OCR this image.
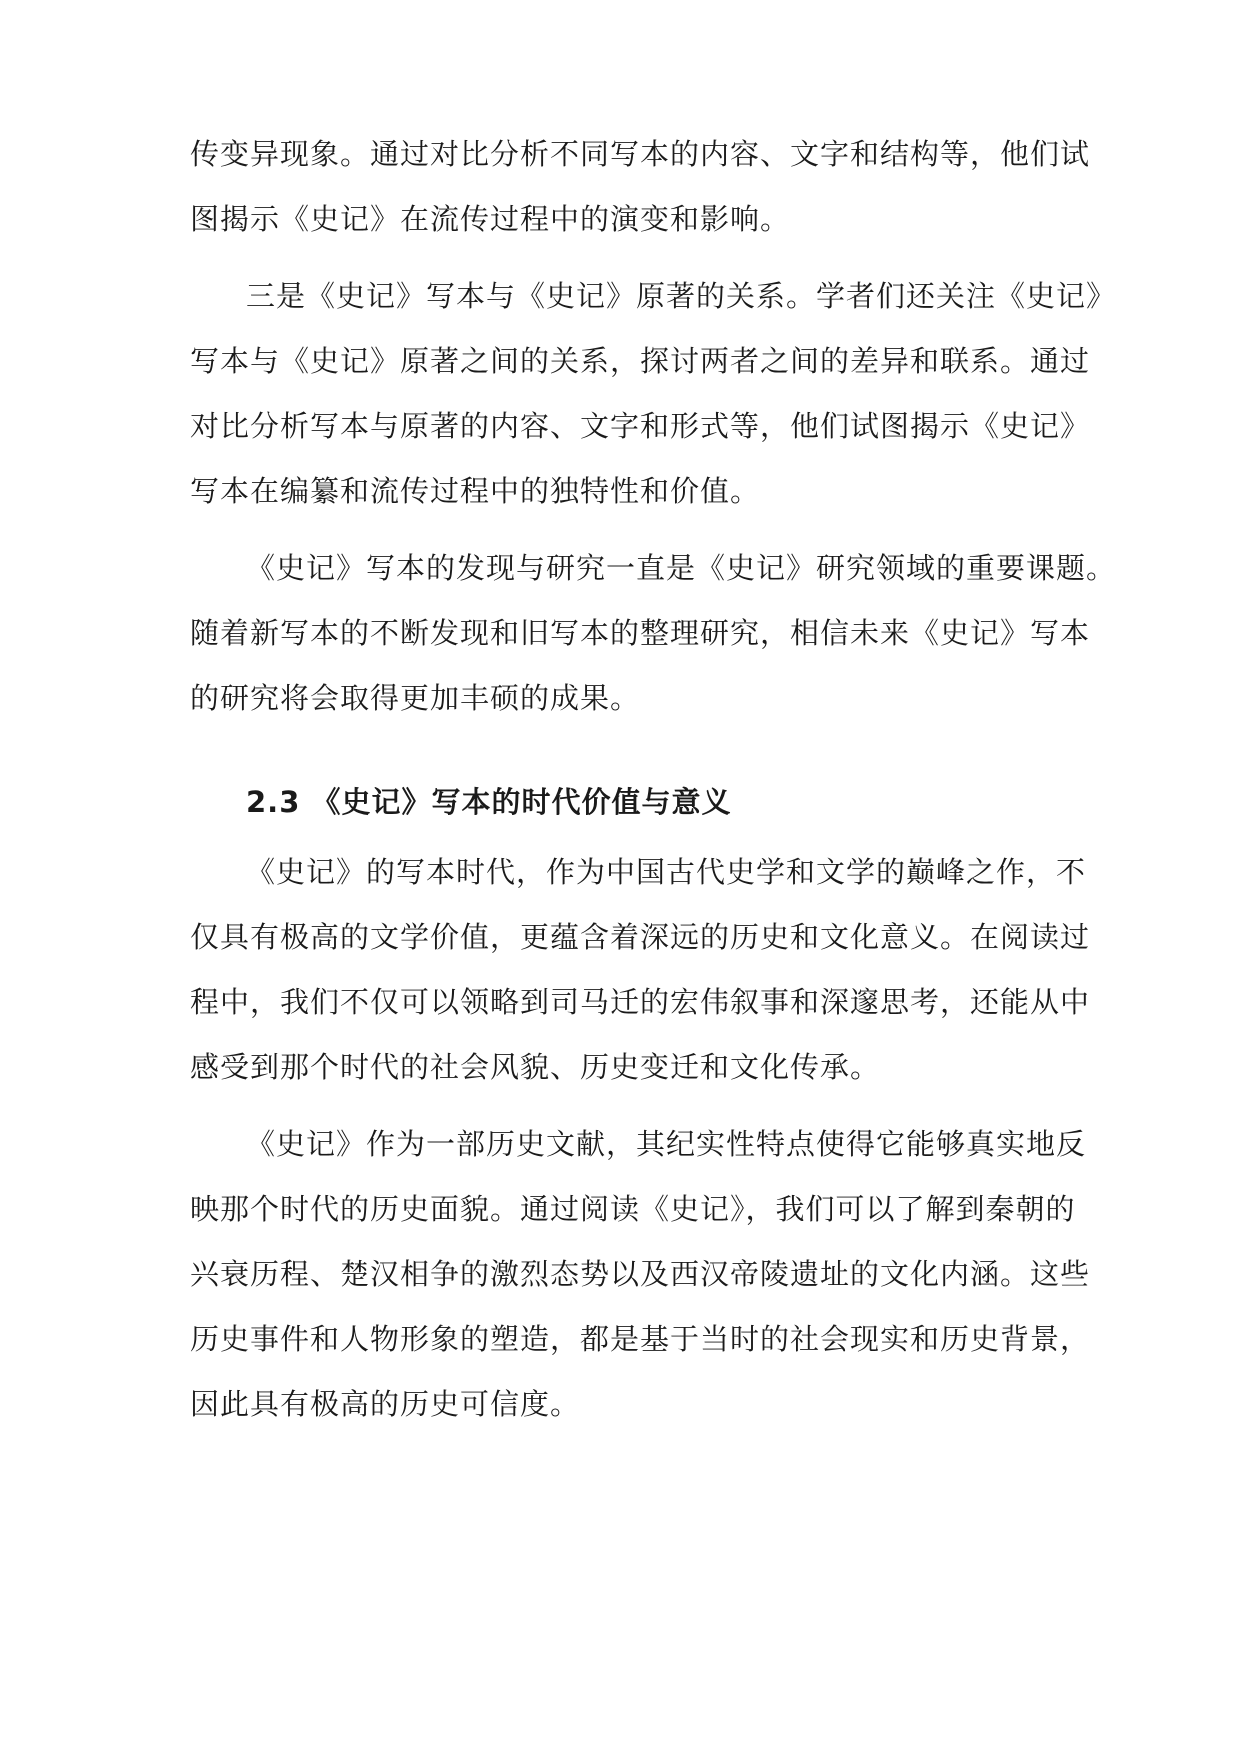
传变异现象。通过对比分析不同写本的内容、文字和结构等，他们试
图揭示《史记》在流传过程中的演变和影响。
三是《史记》写本与《史记》原著的关系。学者们还关注《史记》
写本与《史记》原著之间的关系，探讨两者之间的差异和联系。通过
对比分析写本与原著的内容、文字和形式等，他们试图揭示《史记》
写本在编纂和流传过程中的独特性和价值。
《史记》写本的发现与研究一直是《史记》研究领域的重要课题。
随着新写本的不断发现和旧写本的整理研究，相信未来《史记》写本
的研究将会取得更加丰硕的成果。
2.3 《史记》写本的时代价值与意义
《史记》的写本时代，作为中国古代史学和文学的巅峰之作，不
仅具有极高的文学价值，更蕴含着深远的历史和文化意义。在阅读过
程中，我们不仅可以领略到司马迁的宏伟叙事和深邃思考，还能从中
感受到那个时代的社会风貌、历史变迁和文化传承。
《史记》作为一部历史文献，其纪实性特点使得它能够真实地反
映那个时代的历史面貌。通过阅读《史记》，我们可以了解到秦朝的
兴衰历程、楚汉相争的激烈态势以及西汉帝陵遗址的文化内涵。这些
历史事件和人物形象的塑造，都是基于当时的社会现实和历史背景，
因此具有极高的历史可信度。
